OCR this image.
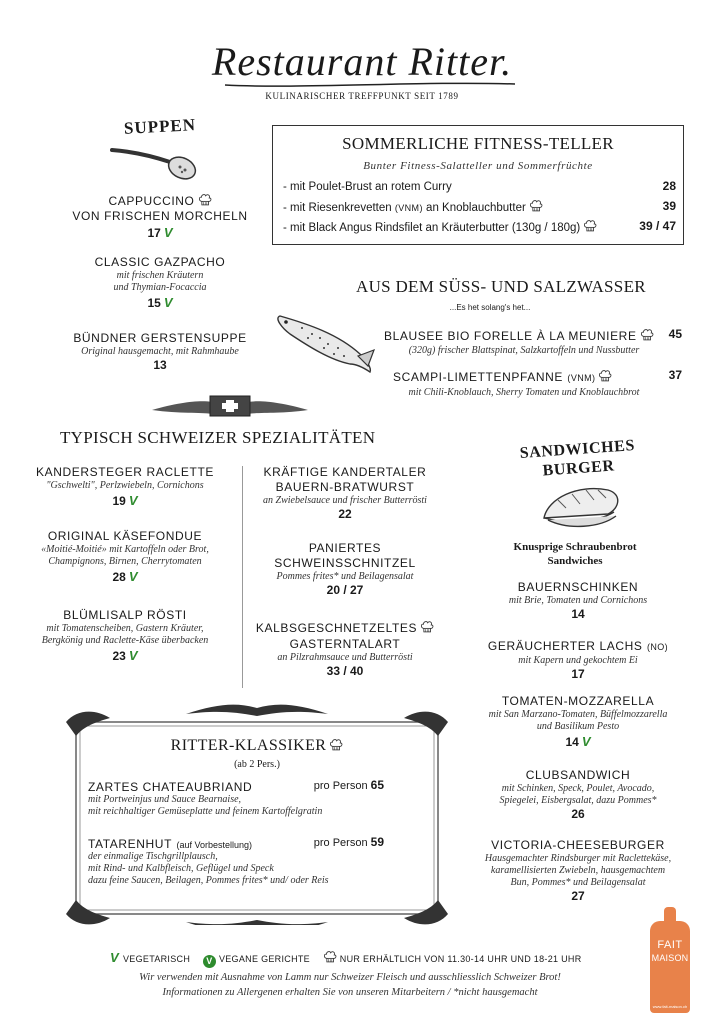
Restaurant Ritter.
KULINARISCHER TREFFPUNKT SEIT 1789
SUPPEN
CAPPUCCINO
VON FRISCHEN MORCHELN
17 V
CLASSIC GAZPACHO
mit frischen Kräutern
und Thymian-Focaccia
15 V
BÜNDNER GERSTENSUPPE
Original hausgemacht, mit Rahmhaube
13
SOMMERLICHE FITNESS-TELLER
Bunter Fitness-Salatteller und Sommerfrüchte
- mit Poulet-Brust an rotem Curry	28
- mit Riesenkrevetten (VNM) an Knoblauchbutter	39
- mit Black Angus Rindsfilet an Kräuterbutter (130g / 180g)	39 / 47
AUS DEM SÜSS- UND SALZWASSER
...Es het solang's het...
BLAUSEE BIO FORELLE À LA MEUNIERE	45
(320g) frischer Blattspinat, Salzkartoffeln und Nussbutter
SCAMPI-LIMETTENPFANNE (VNM)	37
mit Chili-Knoblauch, Sherry Tomaten und Knoblauchbrot
TYPISCH SCHWEIZER SPEZIALITÄTEN
KANDERSTEGER RACLETTE
"Gschwelti", Perlzwiebeln, Cornichons
19 V
ORIGINAL KÄSEFONDUE
«Moitié-Moitié» mit Kartoffeln oder Brot,
Champignons, Birnen, Cherrytomaten
28 V
BLÜMLISALP RÖSTI
mit Tomatenscheiben, Gastern Kräuter,
Bergkönig und Raclette-Käse überbacken
23 V
KRÄFTIGE KANDERTALER
BAUERN-BRATWURST
an Zwiebelsauce und frischer Butterrösti
22
PANIERTES
SCHWEINSSCHNITZEL
Pommes frites* und Beilagensalat
20 / 27
KALBSGESCHNETZELTES
GASTERNTALART
an Pilzrahmsauce und Butterrösti
33 / 40
SANDWICHES
BURGER
Knusprige Schraubenbrot
Sandwiches
BAUERNSCHINKEN
mit Brie, Tomaten und Cornichons
14
GERÄUCHERTER LACHS (NO)
mit Kapern und gekochtem Ei
17
TOMATEN-MOZZARELLA
mit San Marzano-Tomaten, Büffelmozzarella
und Basilikum Pesto
14 V
CLUBSANDWICH
mit Schinken, Speck, Poulet, Avocado,
Spiegelei, Eisbergsalat, dazu Pommes*
26
VICTORIA-CHEESEBURGER
Hausgemachter Rindsburger mit Raclettekäse,
karamellisierten Zwiebeln, hausgemachtem
Bun, Pommes* und Beilagensalat
27
RITTER-KLASSIKER
(ab 2 Pers.)
ZARTES CHATEAUBRIAND	pro Person 65
mit Portweinjus und Sauce Bearnaise,
mit reichhaltiger Gemüseplatte und feinem Kartoffelgratin
TATARENHUT (auf Vorbestellung)	pro Person 59
der einmalige Tischgrillplausch,
mit Rind- und Kalbfleisch, Geflügel und Speck
dazu feine Saucen, Beilagen, Pommes frites* und/ oder Reis
V VEGETARISCH V VEGANE GERICHTE	NUR ERHÄLTLICH VON 11.30-14 UHR UND 18-21 UHR
Wir verwenden mit Ausnahme von Lamm nur Schweizer Fleisch und ausschliesslich Schweizer Brot!
Informationen zu Allergenen erhalten Sie von unseren Mitarbeitern / *nicht hausgemacht
FAIT
MAISON
www.fait-maison.ch
